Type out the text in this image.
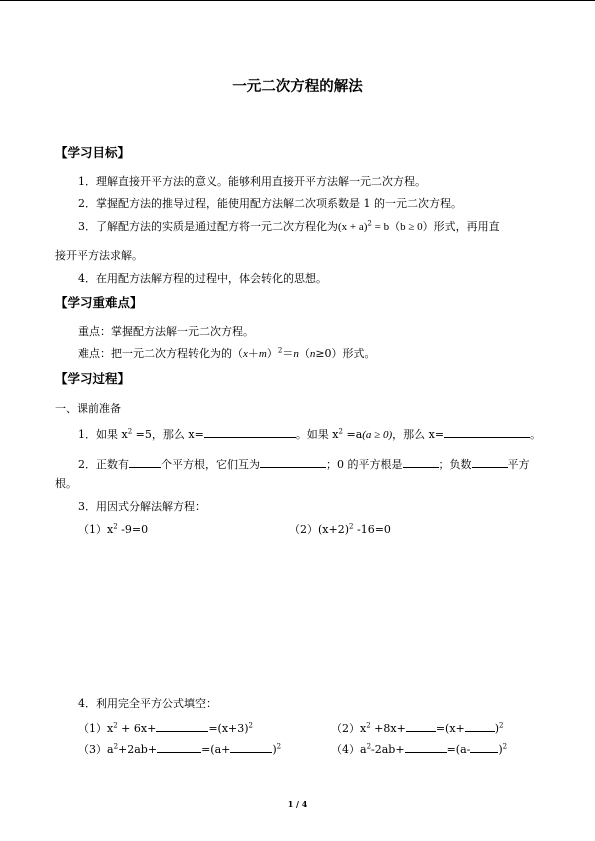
一元二次方程的解法
【学习目标】
1．理解直接开平方法的意义。能够利用直接开平方法解一元二次方程。
2．掌握配方法的推导过程，能使用配方法解二次项系数是 1 的一元二次方程。
3．了解配方法的实质是通过配方将一元二次方程化为$(x + a)^2 = b(b \ge 0)$形式，再用直
接开平方法求解。
4．在用配方法解方程的过程中，体会转化的思想。
【学习重难点】
重点：掌握配方法解一元二次方程。
难点：把一元二次方程转化为的$(x+m)^2=n(n\ge 0)$形式。
【学习过程】
一、课前准备
1．如果 $x^2 =5$，那么 x=	。如果 $x^2 =a(a \ge 0)$，那么 x=	。
2．正数有	个平方根，它们互为	；0 的平方根是	；负数	平方
根。
3．用因式分解法解方程：
$(1)x^2$ -9=0	$(2)(x+2)^2$ -16=0
4．利用完全平方公式填空：
$(1)x^2 + 6x+$	$=(x+3)^2$	$(2)x^2 +8x+$	=(x+	)$^2$
$(3)a^2+2ab+$	=(a+	)$^2$	$(4)a^2-2ab+$	=(a-	)$^2$
1 / 4
